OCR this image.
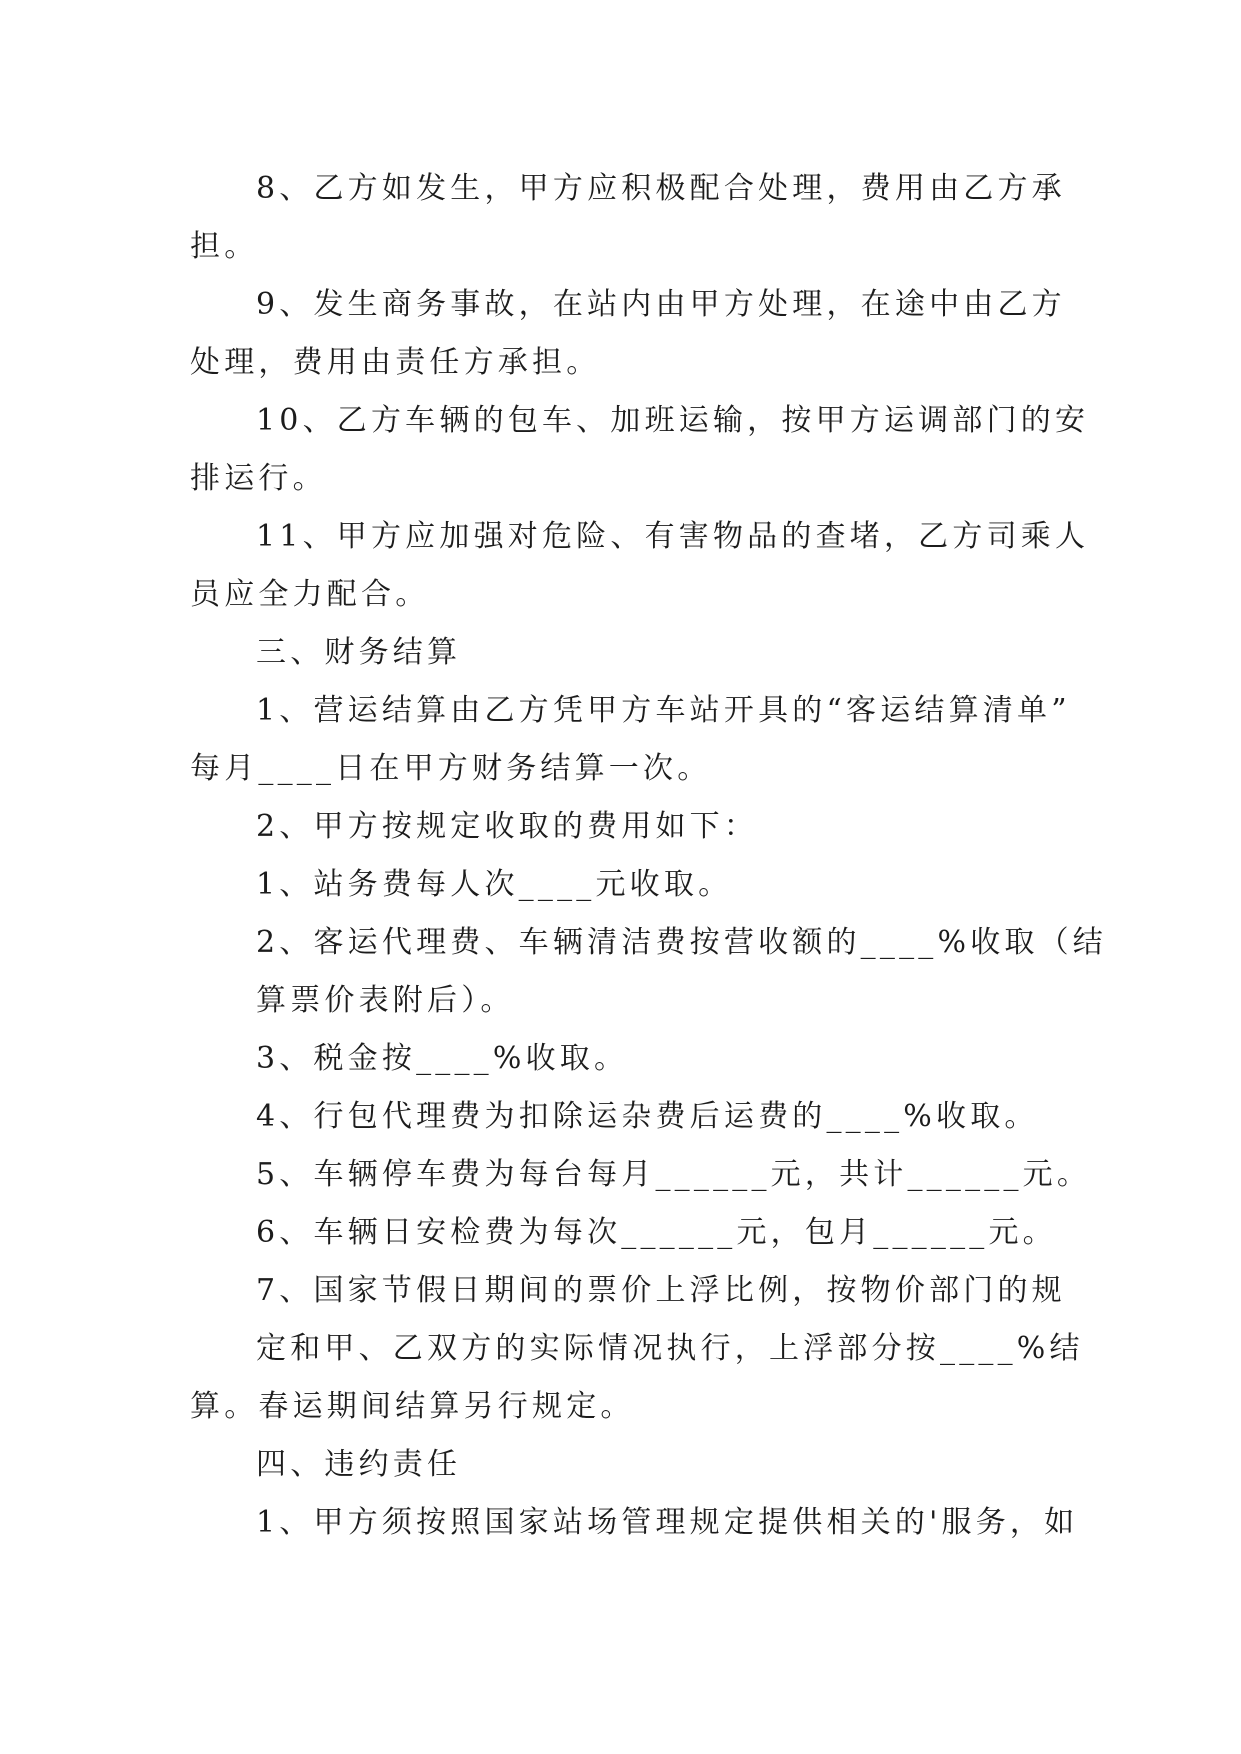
8、乙方如发生，甲方应积极配合处理，费用由乙方承

担。

9、发生商务事故，在站内由甲方处理，在途中由乙方

处理，费用由责任方承担。

10、乙方车辆的包车、加班运输，按甲方运调部门的安

排运行。

11、甲方应加强对危险、有害物品的查堵，乙方司乘人

员应全力配合。

三、财务结算

1、营运结算由乙方凭甲方车站开具的“客运结算清单”

每月____日在甲方财务结算一次。

2、甲方按规定收取的费用如下：

1、站务费每人次____元收取。

2、客运代理费、车辆清洁费按营收额的____%收取（结

算票价表附后）。

3、税金按____%收取。

4、行包代理费为扣除运杂费后运费的____%收取。

5、车辆停车费为每台每月______元，共计______元。

6、车辆日安检费为每次______元，包月______元。

7、国家节假日期间的票价上浮比例，按物价部门的规

定和甲、乙双方的实际情况执行，上浮部分按____%结

算。春运期间结算另行规定。

四、违约责任

1、甲方须按照国家站场管理规定提供相关的'服务，如
